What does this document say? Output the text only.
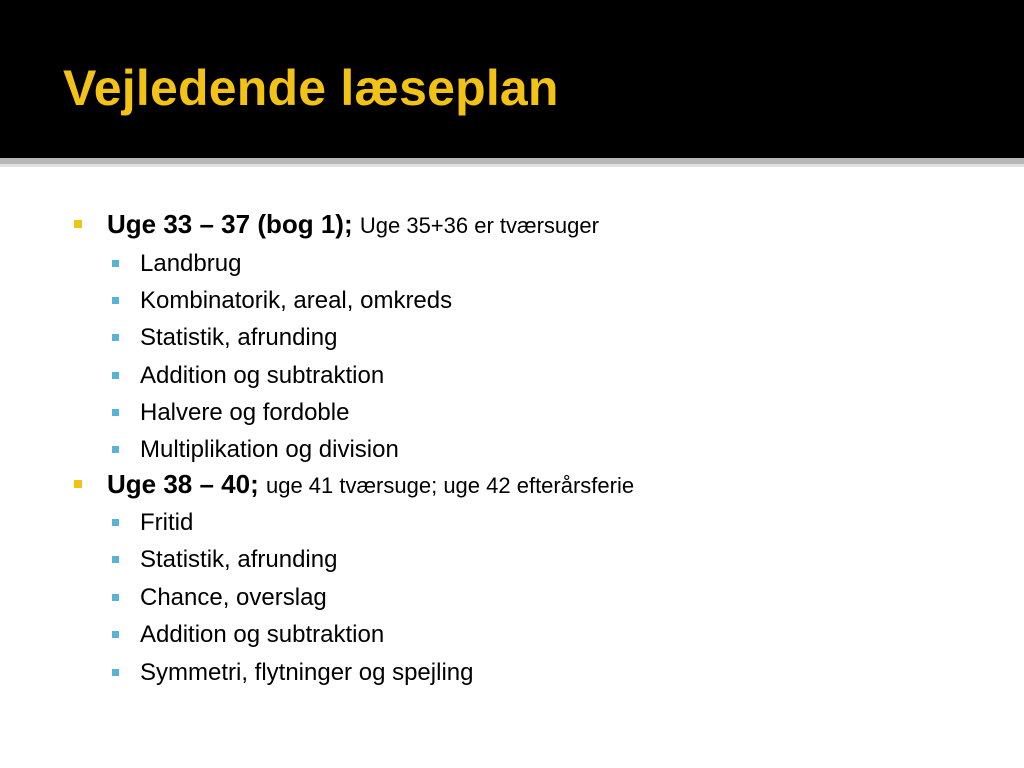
Vejledende læseplan
Uge 33 – 37 (bog 1); Uge 35+36 er tværsuger
Landbrug
Kombinatorik, areal, omkreds
Statistik, afrunding
Addition og subtraktion
Halvere og fordoble
Multiplikation og division
Uge 38 – 40; uge 41 tværsuge; uge 42 efterårsferie
Fritid
Statistik, afrunding
Chance, overslag
Addition og subtraktion
Symmetri, flytninger og spejling
